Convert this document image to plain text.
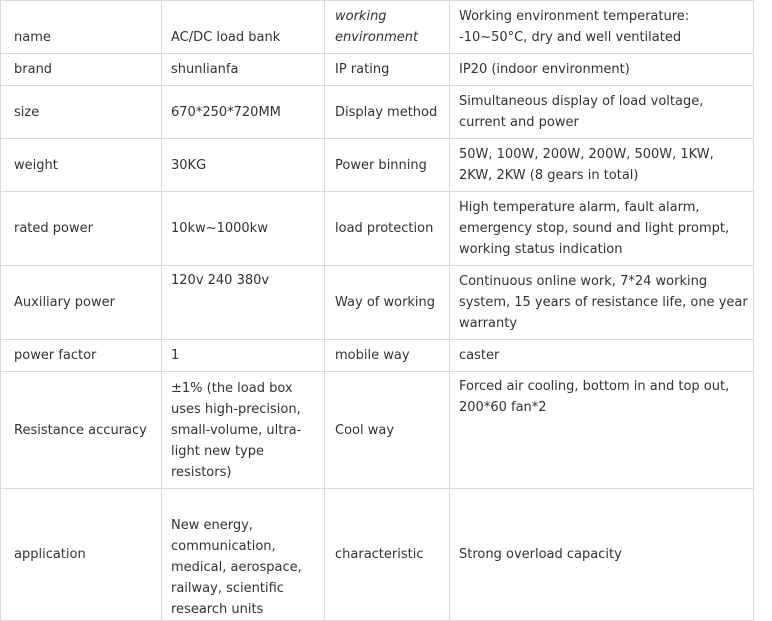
name	AC/DC load bank	working environment	Working environment temperature: -10~50°C, dry and well ventilated
brand	shunlianfa	IP rating	IP20 (indoor environment)
size	670*250*720MM	Display method	Simultaneous display of load voltage, current and power
weight	30KG	Power binning	50W, 100W, 200W, 200W, 500W, 1KW, 2KW, 2KW (8 gears in total)
rated power	10kw~1000kw	load protection	High temperature alarm, fault alarm, emergency stop, sound and light prompt, working status indication
Auxiliary power	120v 240 380v	Way of working	Continuous online work, 7*24 working system, 15 years of resistance life, one year warranty
power factor	1	mobile way	caster
Resistance accuracy	±1% (the load box uses high-precision, small-volume, ultra-light new type resistors)	Cool way	Forced air cooling, bottom in and top out, 200*60 fan*2
application	New energy, communication, medical, aerospace, railway, scientific research units	characteristic	Strong overload capacity
